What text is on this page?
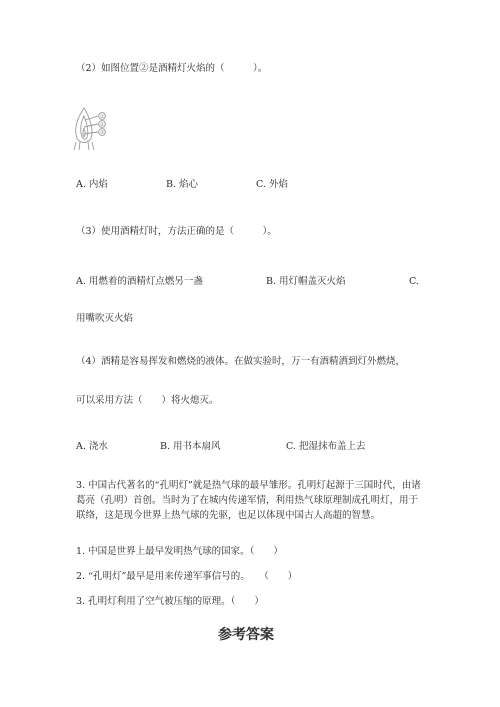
（2）如图位置②是酒精灯火焰的（　　　）。
①
②
③
A. 内焰	B. 焰心	C. 外焰
（3）使用酒精灯时，方法正确的是（　　　）。
A. 用燃着的酒精灯点燃另一盏	B. 用灯帽盖灭火焰	C.
用嘴吹灭火焰
（4）酒精是容易挥发和燃烧的液体。在做实验时，万一有酒精洒到灯外燃烧，
可以采用方法（　　）将火熄灭。
A. 浇水	B. 用书本扇风	C. 把湿抹布盖上去
3. 中国古代著名的“孔明灯”就是热气球的最早雏形。孔明灯起源于三国时代，由诸葛亮（孔明）首创。当时为了在城内传递军情，利用热气球原理制成孔明灯，用于联络，这是现今世界上热气球的先驱，也足以体现中国古人高超的智慧。
1. 中国是世界上最早发明热气球的国家。（　　）
2. “孔明灯”最早是用来传递军事信号的。　　（　　）
3. 孔明灯利用了空气被压缩的原理。（　　）
参考答案
